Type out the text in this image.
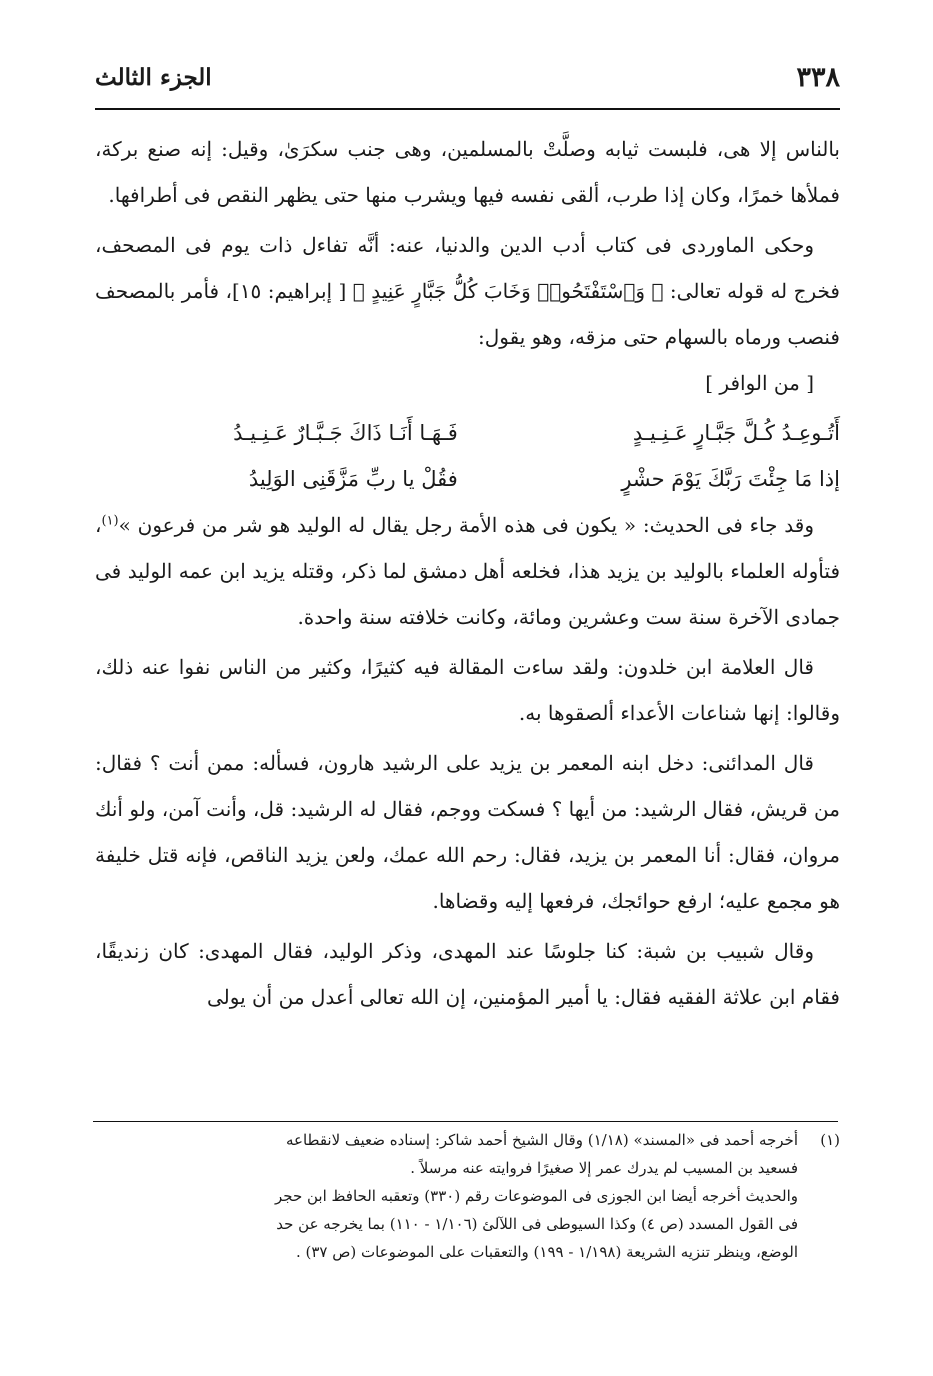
٣٣٨
الجزء الثالث

بالناس إلا هى، فلبست ثيابه وصلَّتْ بالمسلمين، وهى جنب سكرَىٰ، وقيل: إنه صنع بركة، فملأها خمرًا، وكان إذا طرب، ألقى نفسه فيها ويشرب منها حتى يظهر النقص فى أطرافها.

وحكى الماوردى فى كتاب أدب الدين والدنيا، عنه: أنَّه تفاءل ذات يوم فى المصحف، فخرج له قوله تعالى: ﴿ وَٱسْتَفْتَحُوا۟ وَخَابَ كُلُّ جَبَّارٍ عَنِيدٍ ﴾ [ إبراهيم: ١٥]، فأمر بالمصحف فنصب ورماه بالسهام حتى مزقه، وهو يقول:
[ من الوافر ]

أَتُـوعِـدُ كُـلَّ جَبَّـارٍ عَـنِـيـدٍ
فَـهَـا أَنَـا ذَاكَ جَـبَّـارٌ عَـنِـيـدُ
إذا مَا جِئْتَ رَبَّكَ يَوْمَ حشْرٍ
فقُلْ يا ربِّ مَزَّقَنِى الوَلِيدُ

وقد جاء فى الحديث: « يكون فى هذه الأمة رجل يقال له الوليد هو شر من فرعون »$^{(١)}$، فتأوله العلماء بالوليد بن يزيد هذا، فخلعه أهل دمشق لما ذكر، وقتله يزيد ابن عمه الوليد فى جمادى الآخرة سنة ست وعشرين ومائة، وكانت خلافته سنة واحدة.

قال العلامة ابن خلدون: ولقد ساءت المقالة فيه كثيرًا، وكثير من الناس نفوا عنه ذلك، وقالوا: إنها شناعات الأعداء ألصقوها به.

قال المدائنى: دخل ابنه المعمر بن يزيد على الرشيد هارون، فسأله: ممن أنت ؟ فقال: من قريش، فقال الرشيد: من أيها ؟ فسكت ووجم، فقال له الرشيد: قل، وأنت آمن، ولو أنك مروان، فقال: أنا المعمر بن يزيد، فقال: رحم الله عمك، ولعن يزيد الناقص، فإنه قتل خليفة هو مجمع عليه؛ ارفع حوائجك، فرفعها إليه وقضاها.

وقال شبيب بن شبة: كنا جلوسًا عند المهدى، وذكر الوليد، فقال المهدى: كان زنديقًا، فقام ابن علاثة الفقيه فقال: يا أمير المؤمنين، إن الله تعالى أعدل من أن يولى

(١)أخرجه أحمد فى «المسند» (١/١٨) وقال الشيخ أحمد شاكر: إسناده ضعيف لانقطاعه

فسعيد بن المسيب لم يدرك عمر إلا صغيرًا فروايته عنه مرسلاً .

والحديث أخرجه أيضا ابن الجوزى فى الموضوعات رقم (٣٣٠) وتعقبه الحافظ ابن حجر

فى القول المسدد (ص ٤) وكذا السيوطى فى اللآلئ (١/١٠٦ - ١١٠) بما يخرجه عن حد

الوضع، وينظر تنزيه الشريعة (١/١٩٨ - ١٩٩) والتعقبات على الموضوعات (ص ٣٧) .
